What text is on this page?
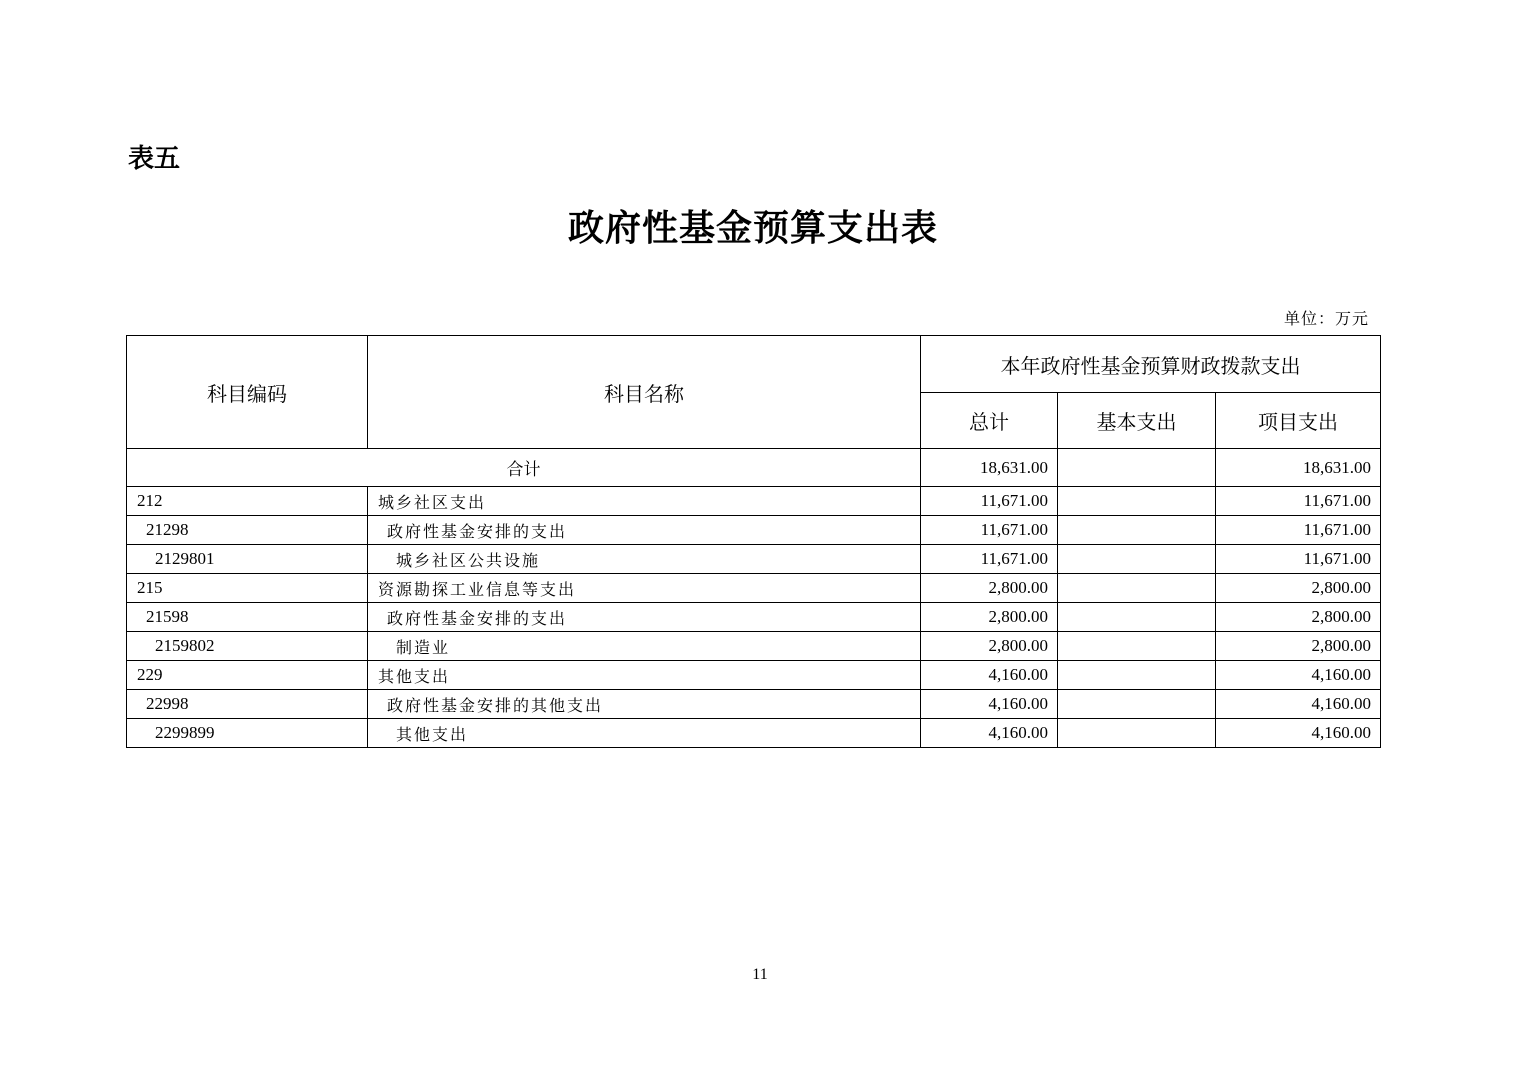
表五
政府性基金预算支出表
单位：万元
科目编码	科目名称	本年政府性基金预算财政拨款支出		
		总计	基本支出	项目支出
合计		18,631.00		18,631.00
212	城乡社区支出	11,671.00		11,671.00
21298	政府性基金安排的支出	11,671.00		11,671.00
2129801	城乡社区公共设施	11,671.00		11,671.00
215	资源勘探工业信息等支出	2,800.00		2,800.00
21598	政府性基金安排的支出	2,800.00		2,800.00
2159802	制造业	2,800.00		2,800.00
229	其他支出	4,160.00		4,160.00
22998	政府性基金安排的其他支出	4,160.00		4,160.00
2299899	其他支出	4,160.00		4,160.00
11
